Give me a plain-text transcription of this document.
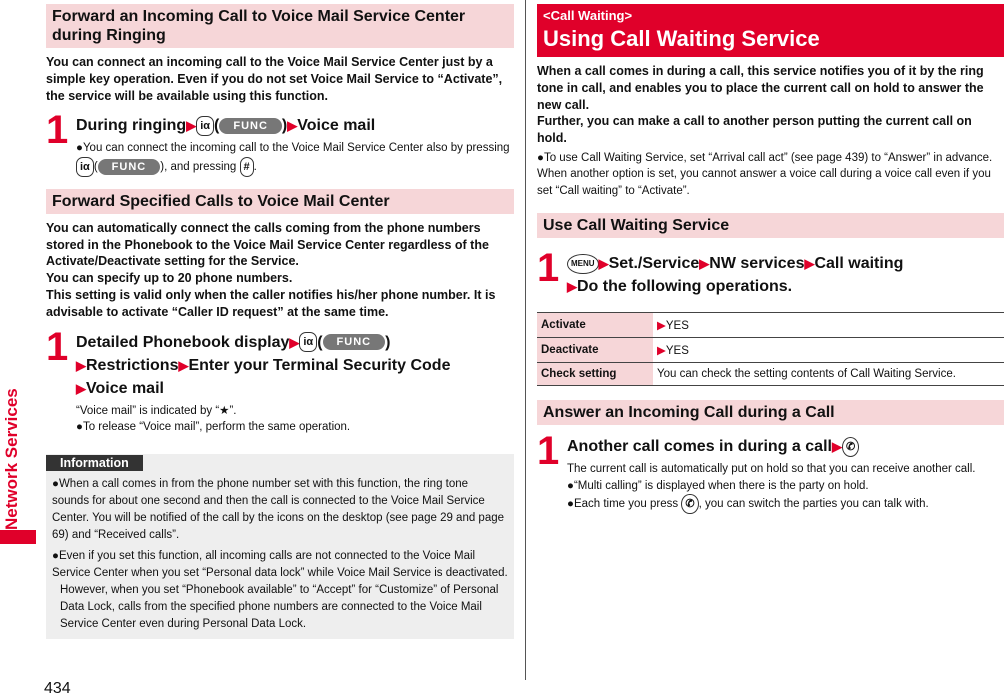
Network Services
434
Forward an Incoming Call to Voice Mail Service Center during Ringing

You can connect an incoming call to the Voice Mail Service Center just by a simple key operation. Even if you do not set Voice Mail Service to “Activate”, the service will be available using this function.

1 During ringing▶ iα ( FUNC )▶Voice mail

●You can connect the incoming call to the Voice Mail Service Center also by pressing iα ( FUNC ), and pressing # .

Forward Specified Calls to Voice Mail Center

You can automatically connect the calls coming from the phone numbers stored in the Phonebook to the Voice Mail Service Center regardless of the Activate/Deactivate setting for the Service.

You can specify up to 20 phone numbers.

This setting is valid only when the caller notifies his/her phone number. It is advisable to activate “Caller ID request” at the same time.

1 Detailed Phonebook display▶ iα ( FUNC )
▶Restrictions▶Enter your Terminal Security Code
▶Voice mail

“Voice mail” is indicated by “★”.

●To release “Voice mail”, perform the same operation.

Information

●When a call comes in from the phone number set with this function, the ring tone sounds for about one second and then the call is connected to the Voice Mail Service Center. You will be notified of the call by the icons on the desktop (see page 29 and page 69) and “Received calls”.

●Even if you set this function, all incoming calls are not connected to the Voice Mail Service Center when you set “Personal data lock” while Voice Mail Service is deactivated.

However, when you set “Phonebook available” to “Accept” for “Customize” of Personal Data Lock, calls from the specified phone numbers are connected to the Voice Mail Service Center even during Personal Data Lock.

<Call Waiting>
Using Call Waiting Service

When a call comes in during a call, this service notifies you of it by the ring tone in call, and enables you to place the current call on hold to answer the new call.

Further, you can make a call to another person putting the current call on hold.

●To use Call Waiting Service, set “Arrival call act” (see page 439) to “Answer” in advance. When another option is set, you cannot answer a voice call during a voice call even if you set “Call waiting” to “Activate”.

Use Call Waiting Service
1	MENU ▶Set./Service▶NW services▶Call waiting
▶Do the following operations.
Activate	▶YES
Deactivate	▶YES
Check setting	You can check the setting contents of Call Waiting Service.
Answer an Incoming Call during a Call
1 Another call comes in during a call▶ ✆

The current call is automatically put on hold so that you can receive another call.

●“Multi calling” is displayed when there is the party on hold.

●Each time you press ✆ , you can switch the parties you can talk with.
